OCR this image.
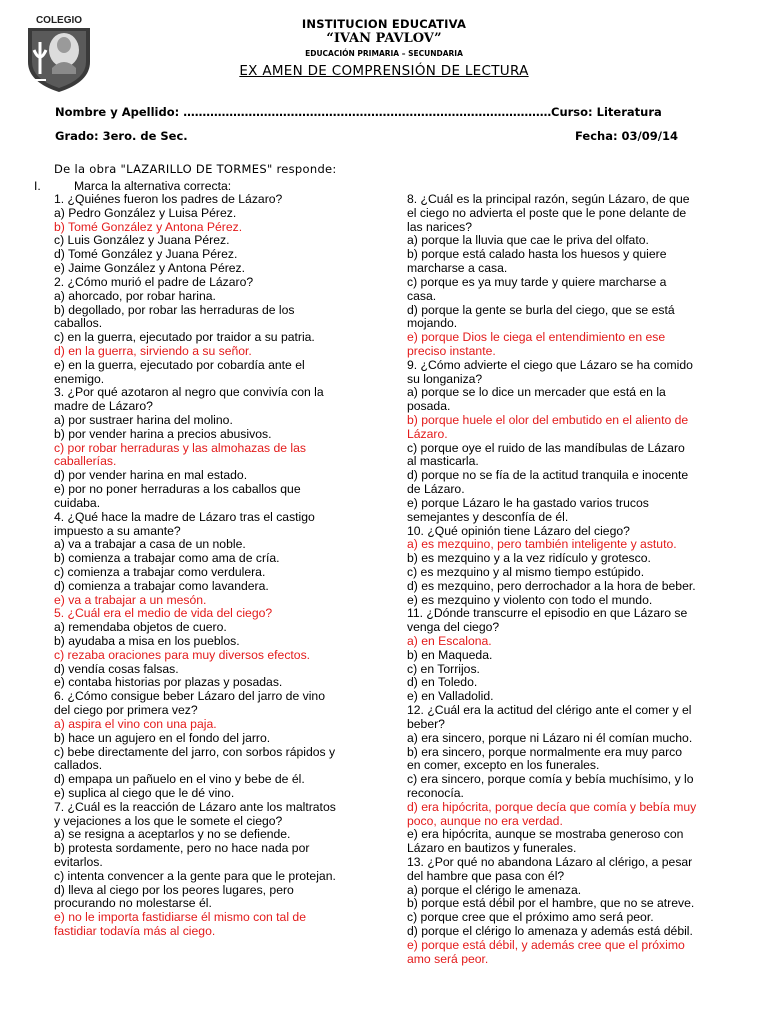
COLEGIO	INSTITUCION EDUCATIVA
“IVAN PAVLOV”
EDUCACIÓN PRIMARIA – SECUNDARIA
EX AMEN DE COMPRENSIÓN DE LECTURA
Nombre y Apellido: …………………………………………………………………………………… Curso: Literatura
Grado: 3ero. de Sec.	Fecha: 03/09/14
De la obra "LAZARILLO DE TORMES" responde:
I.	Marca la alternativa correcta:
1. ¿Quiénes fueron los padres de Lázaro?
a) Pedro González y Luisa Pérez.
b) Tomé González y Antona Pérez.
c) Luis González y Juana Pérez.
d) Tomé González y Juana Pérez.
e) Jaime González y Antona Pérez.
2. ¿Cómo murió el padre de Lázaro?
a) ahorcado, por robar harina.
b) degollado, por robar las herraduras de los
caballos.
c) en la guerra, ejecutado por traidor a su patria.
d) en la guerra, sirviendo a su señor.
e) en la guerra, ejecutado por cobardía ante el
enemigo.
3. ¿Por qué azotaron al negro que convivía con la
madre de Lázaro?
a) por sustraer harina del molino.
b) por vender harina a precios abusivos.
c) por robar herraduras y las almohazas de las
caballerías.
d) por vender harina en mal estado.
e) por no poner herraduras a los caballos que
cuidaba.
4. ¿Qué hace la madre de Lázaro tras el castigo
impuesto a su amante?
a) va a trabajar a casa de un noble.
b) comienza a trabajar como ama de cría.
c) comienza a trabajar como verdulera.
d) comienza a trabajar como lavandera.
e) va a trabajar a un mesón.
5. ¿Cuál era el medio de vida del ciego?
a) remendaba objetos de cuero.
b) ayudaba a misa en los pueblos.
c) rezaba oraciones para muy diversos efectos.
d) vendía cosas falsas.
e) contaba historias por plazas y posadas.
6. ¿Cómo consigue beber Lázaro del jarro de vino
del ciego por primera vez?
a) aspira el vino con una paja.
b) hace un agujero en el fondo del jarro.
c) bebe directamente del jarro, con sorbos rápidos y
callados.
d) empapa un pañuelo en el vino y bebe de él.
e) suplica al ciego que le dé vino.
7. ¿Cuál es la reacción de Lázaro ante los maltratos
y vejaciones a los que le somete el ciego?
a) se resigna a aceptarlos y no se defiende.
b) protesta sordamente, pero no hace nada por
evitarlos.
c) intenta convencer a la gente para que le protejan.
d) lleva al ciego por los peores lugares, pero
procurando no molestarse él.
e) no le importa fastidiarse él mismo con tal de
fastidiar todavía más al ciego.
8. ¿Cuál es la principal razón, según Lázaro, de que
el ciego no advierta el poste que le pone delante de
las narices?
a) porque la lluvia que cae le priva del olfato.
b) porque está calado hasta los huesos y quiere
marcharse a casa.
c) porque es ya muy tarde y quiere marcharse a
casa.
d) porque la gente se burla del ciego, que se está
mojando.
e) porque Dios le ciega el entendimiento en ese
preciso instante.
9. ¿Cómo advierte el ciego que Lázaro se ha comido
su longaniza?
a) porque se lo dice un mercader que está en la
posada.
b) porque huele el olor del embutido en el aliento de
Lázaro.
c) porque oye el ruido de las mandíbulas de Lázaro
al masticarla.
d) porque no se fía de la actitud tranquila e inocente
de Lázaro.
e) porque Lázaro le ha gastado varios trucos
semejantes y desconfía de él.
10. ¿Qué opinión tiene Lázaro del ciego?
a) es mezquino, pero también inteligente y astuto.
b) es mezquino y a la vez ridículo y grotesco.
c) es mezquino y al mismo tiempo estúpido.
d) es mezquino, pero derrochador a la hora de beber.
e) es mezquino y violento con todo el mundo.
11. ¿Dónde transcurre el episodio en que Lázaro se
venga del ciego?
a) en Escalona.
b) en Maqueda.
c) en Torrijos.
d) en Toledo.
e) en Valladolid.
12. ¿Cuál era la actitud del clérigo ante el comer y el
beber?
a) era sincero, porque ni Lázaro ni él comían mucho.
b) era sincero, porque normalmente era muy parco
en comer, excepto en los funerales.
c) era sincero, porque comía y bebía muchísimo, y lo
reconocía.
d) era hipócrita, porque decía que comía y bebía muy
poco, aunque no era verdad.
e) era hipócrita, aunque se mostraba generoso con
Lázaro en bautizos y funerales.
13. ¿Por qué no abandona Lázaro al clérigo, a pesar
del hambre que pasa con él?
a) porque el clérigo le amenaza.
b) porque está débil por el hambre, que no se atreve.
c) porque cree que el próximo amo será peor.
d) porque el clérigo lo amenaza y además está débil.
e) porque está débil, y además cree que el próximo
amo será peor.
